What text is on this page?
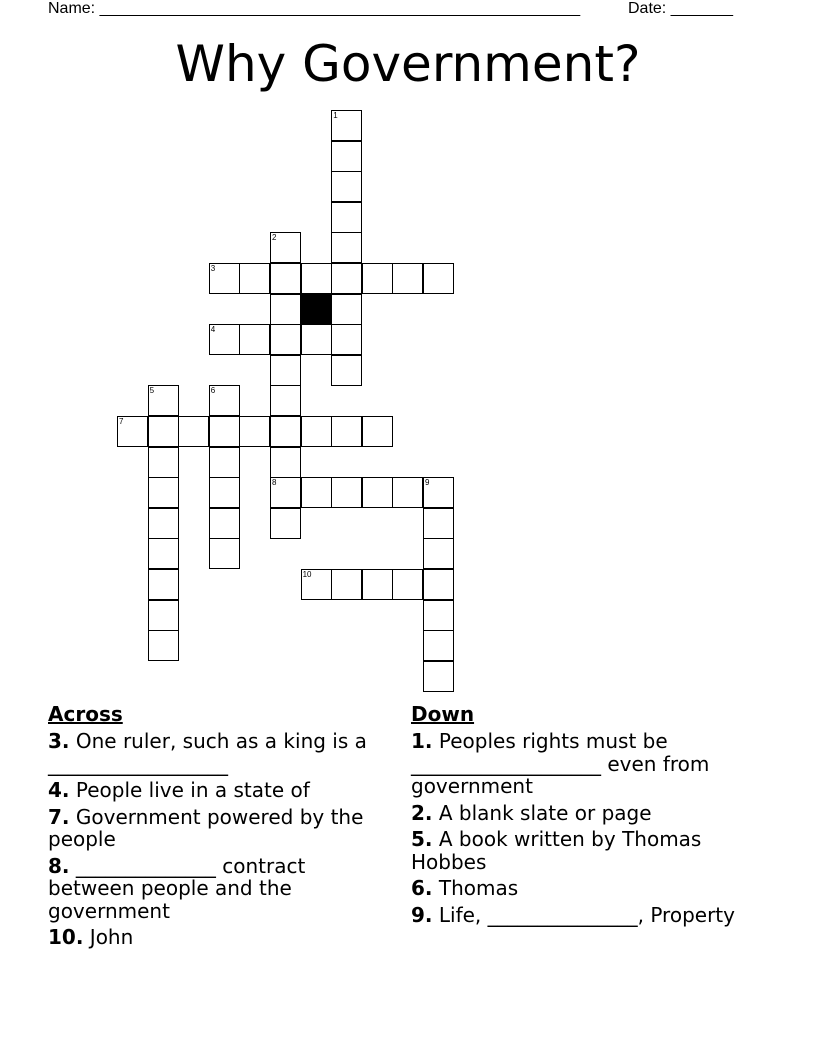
Name: ______________________________________________________	Date: _______
Why Government?
1
2
3
4
5	6
7
8	9
10
Across
3. One ruler, such as a king is a __________________
4. People live in a state of
7. Government powered by the people
8. ______________ contract between people and the government
10. John
Down
1. Peoples rights must be ___________________ even from government
2. A blank slate or page
5. A book written by Thomas Hobbes
6. Thomas
9. Life, _______________, Property
